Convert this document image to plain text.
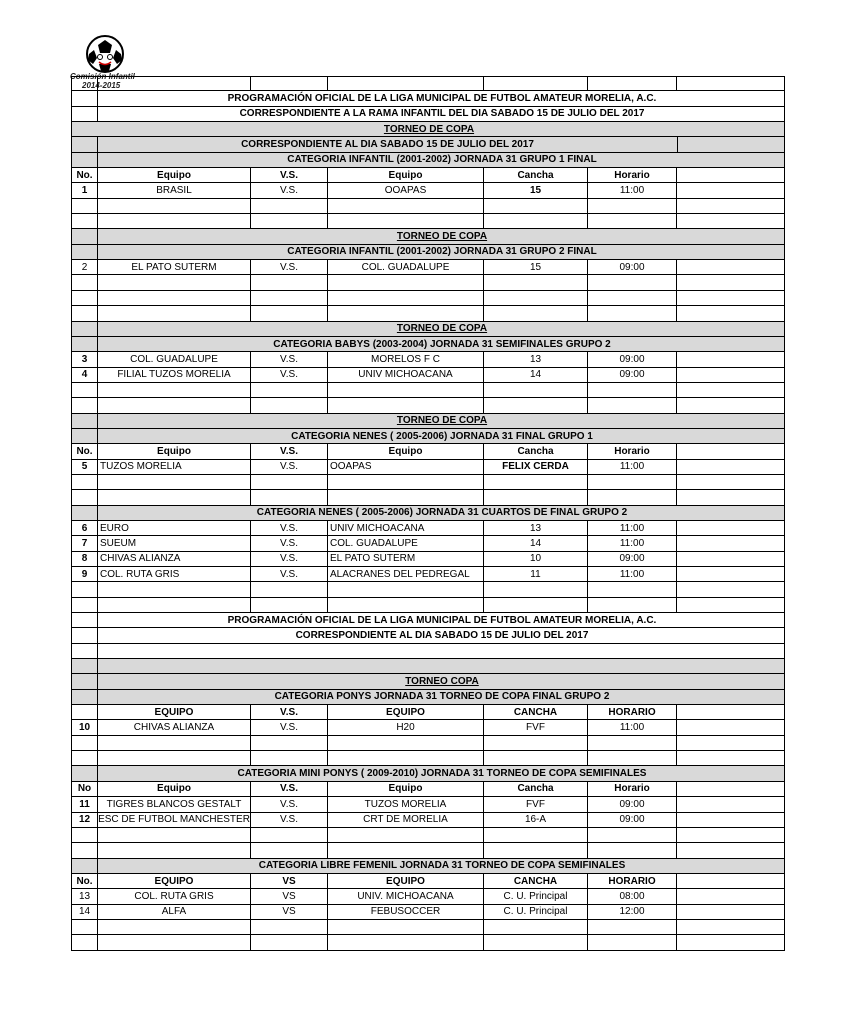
Comisión Infantil
2014-2015
PROGRAMACIÓN OFICIAL DE LA LIGA MUNICIPAL DE FUTBOL AMATEUR MORELIA, A.C.
CORRESPONDIENTE A LA RAMA INFANTIL DEL DIA SABADO 15 DE JULIO DEL 2017
TORNEO DE COPA
CORRESPONDIENTE AL DIA SABADO 15 DE JULIO DEL 2017
CATEGORIA INFANTIL (2001-2002) JORNADA 31 GRUPO 1 FINAL
No.	Equipo	V.S.	Equipo	Cancha	Horario
1	BRASIL	V.S.	OOAPAS	15	11:00
TORNEO DE COPA
CATEGORIA INFANTIL (2001-2002) JORNADA 31 GRUPO 2 FINAL
2	EL PATO SUTERM	V.S.	COL. GUADALUPE	15	09:00
TORNEO DE COPA
CATEGORIA BABYS (2003-2004) JORNADA 31 SEMIFINALES GRUPO 2
3	COL. GUADALUPE	V.S.	MORELOS F C	13	09:00
4	FILIAL TUZOS MORELIA	V.S.	UNIV MICHOACANA	14	09:00
TORNEO DE COPA
CATEGORIA NENES ( 2005-2006) JORNADA 31 FINAL GRUPO 1
No.	Equipo	V.S.	Equipo	Cancha	Horario
5	TUZOS MORELIA	V.S.	OOAPAS	FELIX CERDA	11:00
CATEGORIA NENES ( 2005-2006) JORNADA 31 CUARTOS DE FINAL GRUPO 2
6	EURO	V.S.	UNIV MICHOACANA	13	11:00
7	SUEUM	V.S.	COL. GUADALUPE	14	11:00
8	CHIVAS ALIANZA	V.S.	EL PATO SUTERM	10	09:00
9	COL. RUTA GRIS	V.S.	ALACRANES DEL PEDREGAL	11	11:00
PROGRAMACIÓN OFICIAL DE LA LIGA MUNICIPAL DE FUTBOL AMATEUR MORELIA, A.C.
CORRESPONDIENTE AL DIA SABADO 15 DE JULIO DEL 2017
TORNEO COPA
CATEGORIA PONYS JORNADA 31 TORNEO DE COPA FINAL GRUPO 2
EQUIPO	V.S.	EQUIPO	CANCHA	HORARIO
10	CHIVAS ALIANZA	V.S.	H20	FVF	11:00
CATEGORIA MINI PONYS ( 2009-2010) JORNADA 31 TORNEO DE COPA SEMIFINALES
No	Equipo	V.S.	Equipo	Cancha	Horario
11	TIGRES BLANCOS GESTALT	V.S.	TUZOS MORELIA	FVF	09:00
12 ESC DE FUTBOL MANCHESTER	V.S.	CRT DE MORELIA	16-A	09:00
CATEGORIA LIBRE FEMENIL JORNADA 31 TORNEO DE COPA SEMIFINALES
No.	EQUIPO	VS	EQUIPO	CANCHA	HORARIO
13	COL. RUTA GRIS	VS	UNIV. MICHOACANA	C. U. Principal	08:00
14	ALFA	VS	FEBUSOCCER	C. U. Principal	12:00
